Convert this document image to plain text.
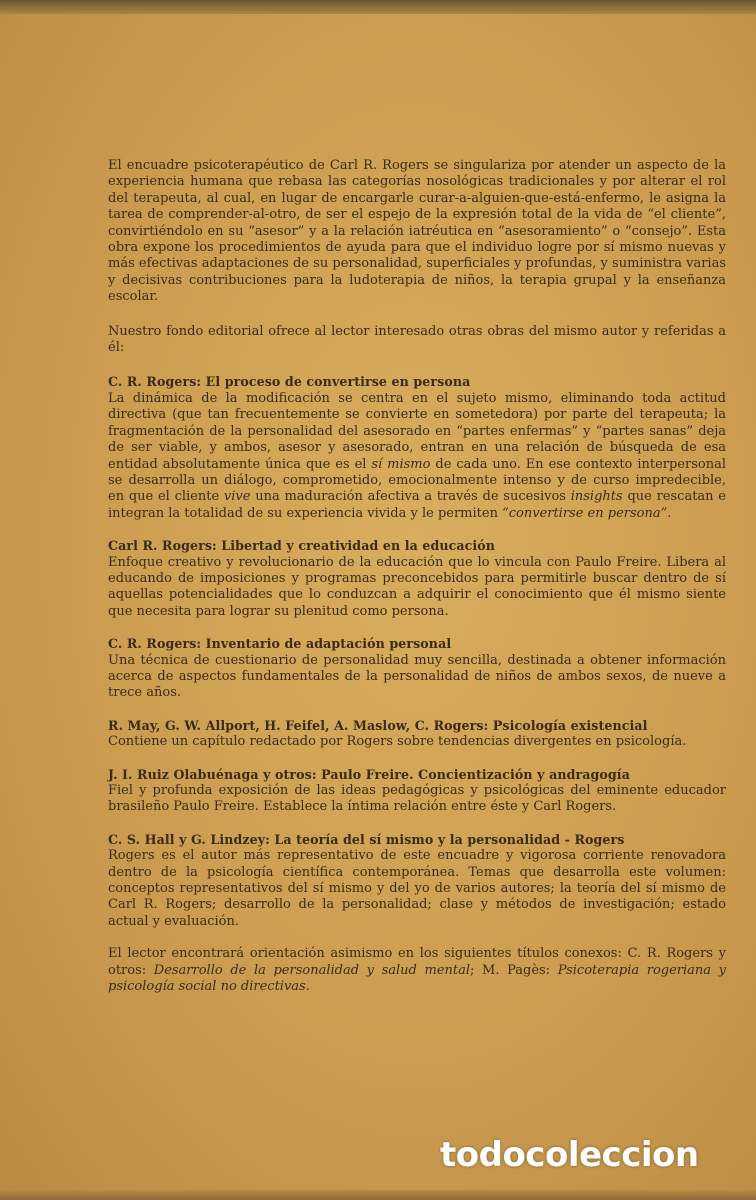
El encuadre psicoterapéutico de Carl R. Rogers se singulariza por atender un aspecto de la experiencia humana que rebasa las categorías nosológicas tradicionales y por alterar el rol del terapeuta, al cual, en lugar de encargarle curar-a-alguien-que-está-enfermo, le asigna la tarea de comprender-al-otro, de ser el espejo de la expresión total de la vida de “el cliente”, convirtiéndolo en su “asesor” y a la relación iatréutica en “asesoramiento” o “consejo”. Esta obra expone los procedimientos de ayuda para que el individuo logre por sí mismo nuevas y más efectivas adaptaciones de su personalidad, superficiales y profundas, y suministra varias y decisivas contribuciones para la ludoterapia de niños, la terapia grupal y la enseñanza escolar.

Nuestro fondo editorial ofrece al lector interesado otras obras del mismo autor y referidas a él:

C. R. Rogers: El proceso de convertirse en persona
La dinámica de la modificación se centra en el sujeto mismo, eliminando toda actitud directiva (que tan frecuentemente se convierte en sometedora) por parte del terapeuta; la fragmentación de la personalidad del asesorado en “partes enfermas” y “partes sanas” deja de ser viable, y ambos, asesor y asesorado, entran en una relación de búsqueda de esa entidad absolutamente única que es el sí mismo de cada uno. En ese contexto interpersonal se desarrolla un diálogo, comprometido, emocionalmente intenso y de curso impredecible, en que el cliente vive una maduración afectiva a través de sucesivos insights que rescatan e integran la totalidad de su experiencia vivida y le permiten “convertirse en persona”.
Carl R. Rogers: Libertad y creatividad en la educación
Enfoque creativo y revolucionario de la educación que lo vincula con Paulo Freire. Libera al educando de imposiciones y programas preconcebidos para permitirle buscar dentro de sí aquellas potencialidades que lo conduzcan a adquirir el conocimiento que él mismo siente que necesita para lograr su plenitud como persona.
C. R. Rogers: Inventario de adaptación personal
Una técnica de cuestionario de personalidad muy sencilla, destinada a obtener información acerca de aspectos fundamentales de la personalidad de niños de ambos sexos, de nueve a trece años.
R. May, G. W. Allport, H. Feifel, A. Maslow, C. Rogers: Psicología existencial
Contiene un capítulo redactado por Rogers sobre tendencias divergentes en psicología.
J. I. Ruiz Olabuénaga y otros: Paulo Freire. Concientización y andragogía
Fiel y profunda exposición de las ideas pedagógicas y psicológicas del eminente educador brasileño Paulo Freire. Establece la íntima relación entre éste y Carl Rogers.
C. S. Hall y G. Lindzey: La teoría del sí mismo y la personalidad - Rogers
Rogers es el autor más representativo de este encuadre y vigorosa corriente renovadora dentro de la psicología científica contemporánea. Temas que desarrolla este volumen: conceptos representativos del sí mismo y del yo de varios autores; la teoría del sí mismo de Carl R. Rogers; desarrollo de la personalidad; clase y métodos de investigación; estado actual y evaluación.

El lector encontrará orientación asimismo en los siguientes títulos conexos: C. R. Rogers y otros: Desarrollo de la personalidad y salud mental; M. Pagès: Psicoterapia rogeriana y psicología social no directivas.

todocoleccion
